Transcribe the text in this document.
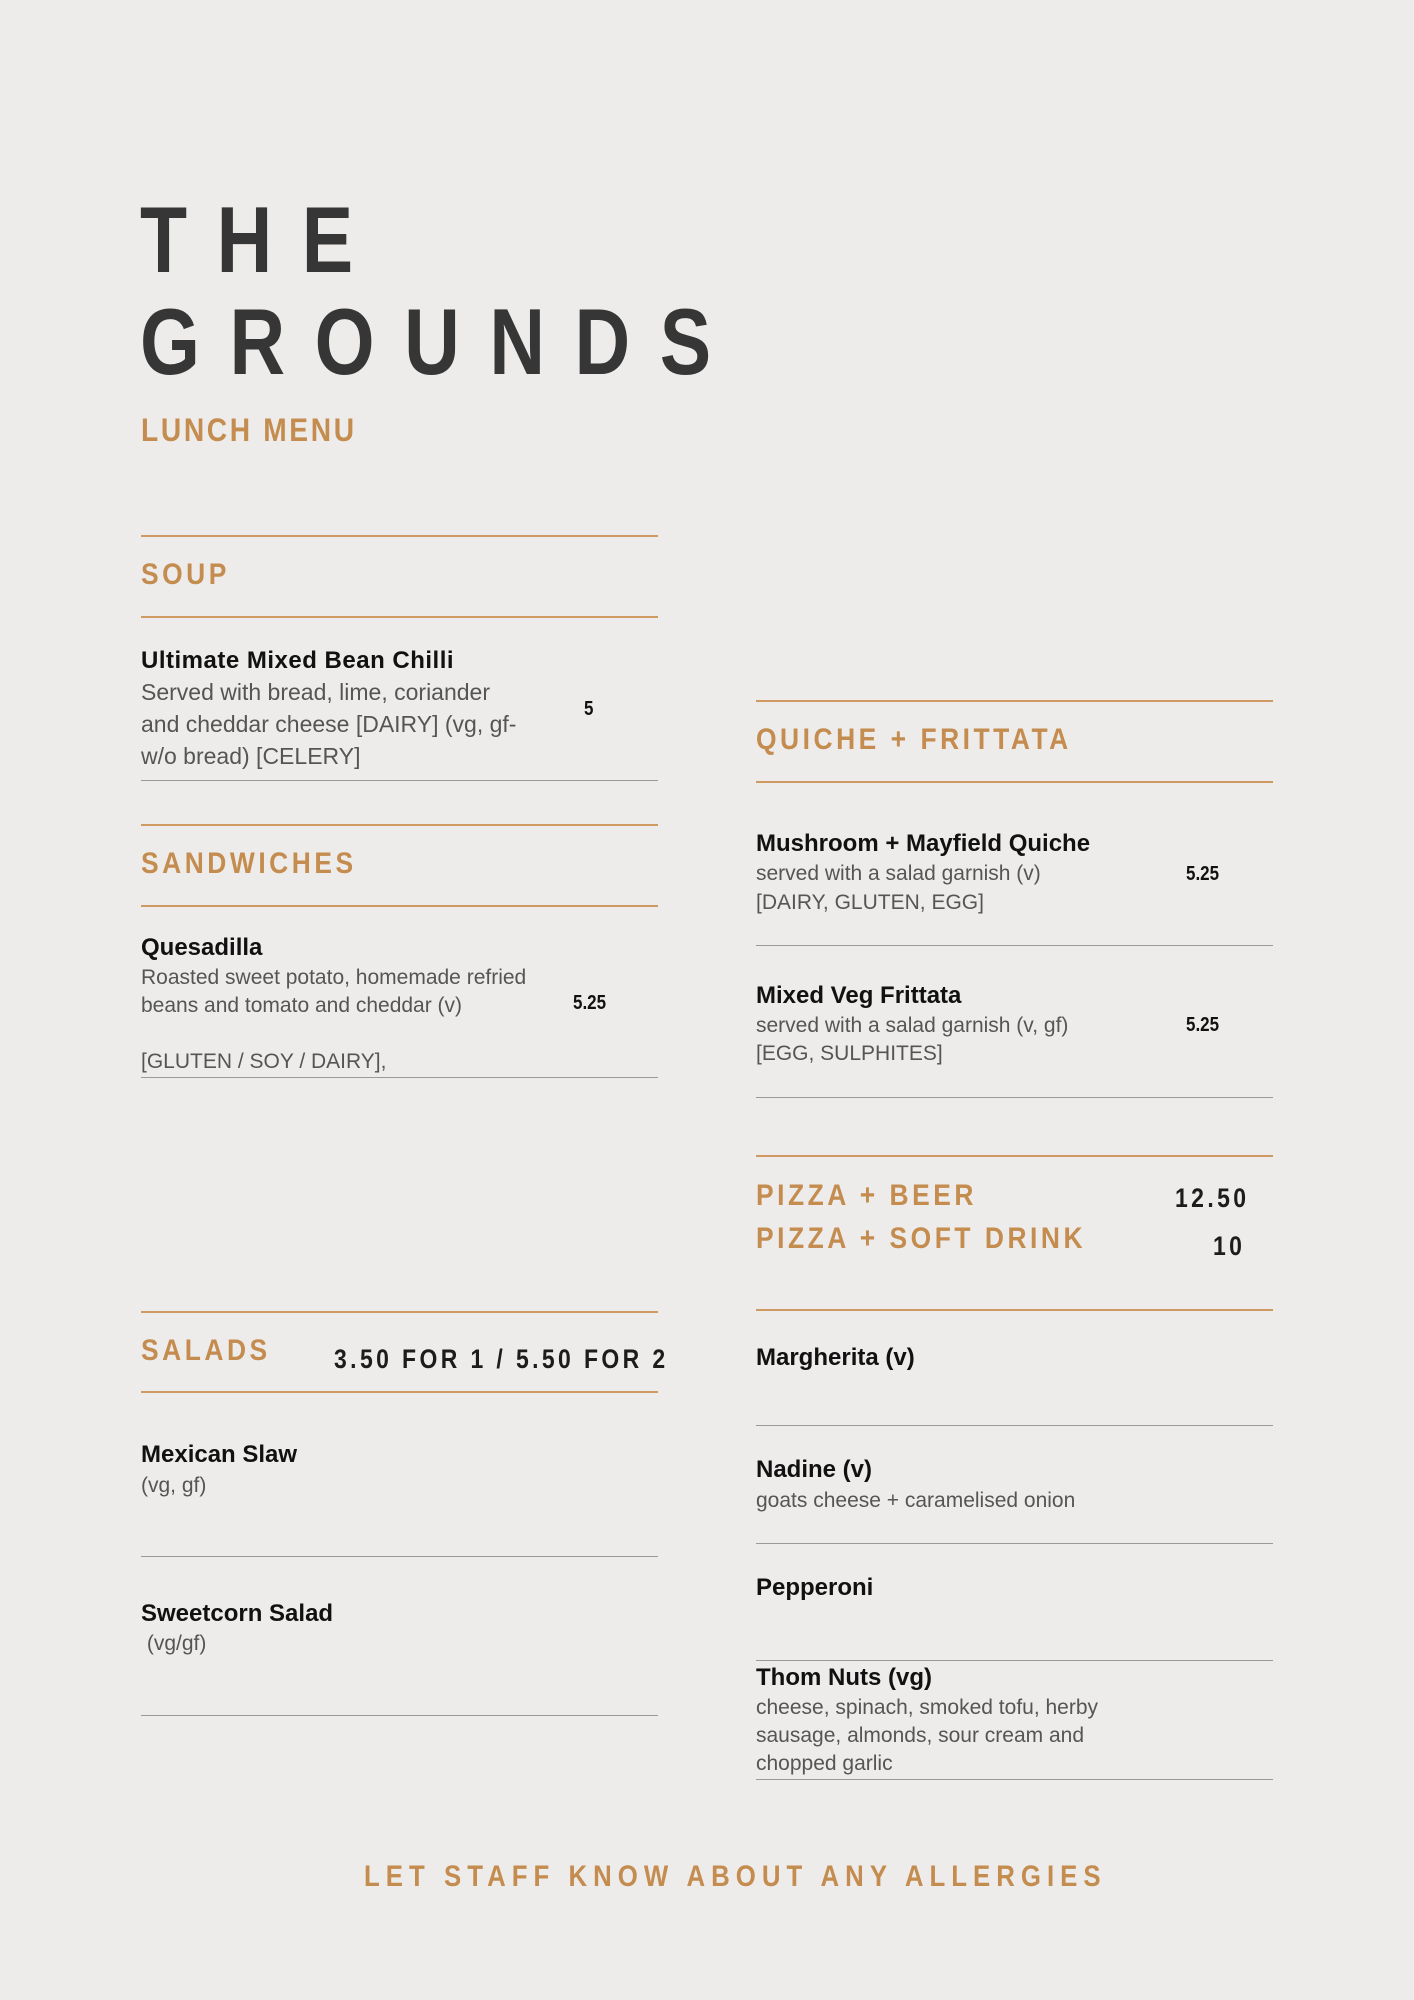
THE
GROUNDS
LUNCH MENU
SOUP
Ultimate Mixed Bean Chilli
Served with bread, lime, coriander and cheddar cheese [DAIRY] (vg, gf- w/o bread) [CELERY]
5
SANDWICHES
Quesadilla
Roasted sweet potato, homemade refried beans and tomato and cheddar (v)
[GLUTEN / SOY / DAIRY],
5.25
SALADS 3.50 FOR 1 / 5.50 FOR 2
Mexican Slaw
(vg, gf)
Sweetcorn Salad
(vg/gf)
QUICHE + FRITTATA
Mushroom + Mayfield Quiche
served with a salad garnish (v)
[DAIRY, GLUTEN, EGG]
5.25
Mixed Veg Frittata
served with a salad garnish (v, gf)
[EGG, SULPHITES]
5.25
PIZZA + BEER	12.50
PIZZA + SOFT DRINK	10
Margherita (v)
Nadine (v)
goats cheese + caramelised onion
Pepperoni
Thom Nuts (vg)
cheese, spinach, smoked tofu, herby sausage, almonds, sour cream and chopped garlic
LET STAFF KNOW ABOUT ANY ALLERGIES
